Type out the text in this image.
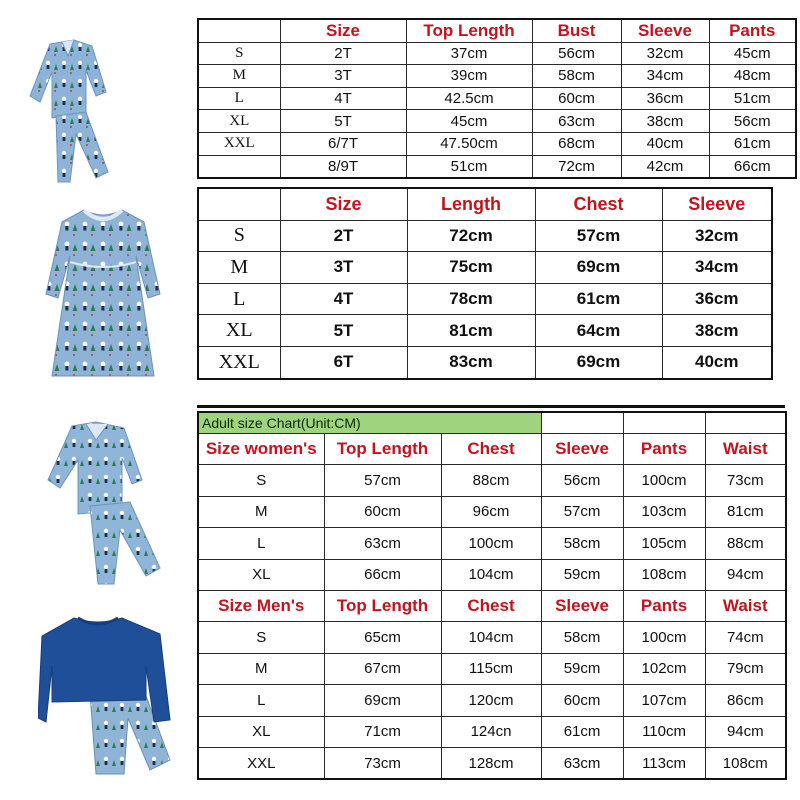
	Size	Top Length	Bust	Sleeve	Pants
S	2T	37cm	56cm	32cm	45cm
M	3T	39cm	58cm	34cm	48cm
L	4T	42.5cm	60cm	36cm	51cm
XL	5T	45cm	63cm	38cm	56cm
XXL	6/7T	47.50cm	68cm	40cm	61cm
	8/9T	51cm	72cm	42cm	66cm
	Size	Length	Chest	Sleeve
S	2T	72cm	57cm	32cm
M	3T	75cm	69cm	34cm
L	4T	78cm	61cm	36cm
XL	5T	81cm	64cm	38cm
XXL	6T	83cm	69cm	40cm
Adult size Chart(Unit:CM)					
Size women's	Top Length	Chest	Sleeve	Pants	Waist
S	57cm	88cm	56cm	100cm	73cm
M	60cm	96cm	57cm	103cm	81cm
L	63cm	100cm	58cm	105cm	88cm
XL	66cm	104cm	59cm	108cm	94cm
Size Men's	Top Length	Chest	Sleeve	Pants	Waist
S	65cm	104cm	58cm	100cm	74cm
M	67cm	115cm	59cm	102cm	79cm
L	69cm	120cm	60cm	107cm	86cm
XL	71cm	124cn	61cm	110cm	94cm
XXL	73cm	128cm	63cm	113cm	108cm
